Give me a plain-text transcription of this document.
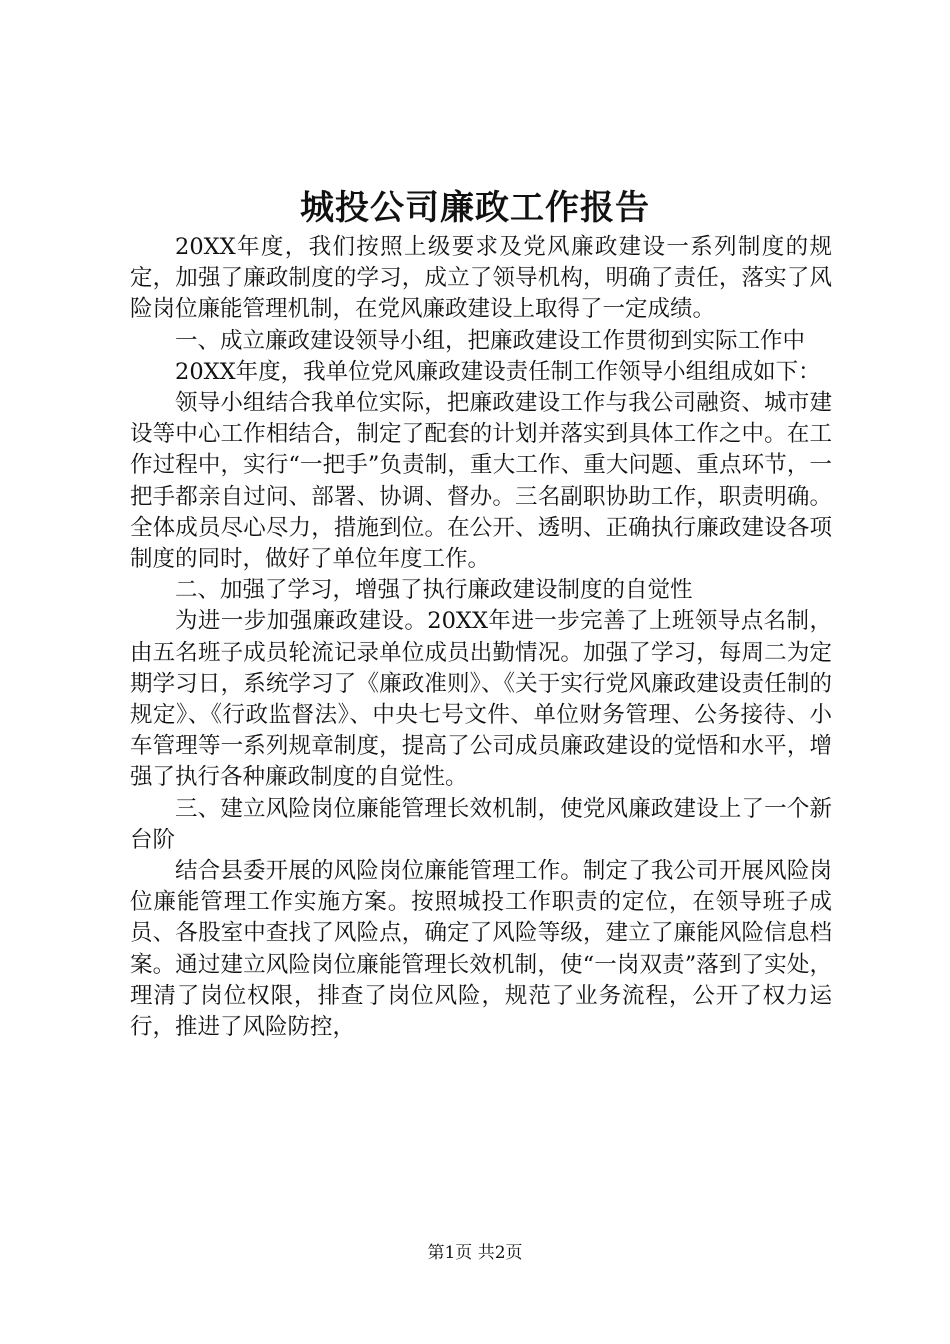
城投公司廉政工作报告

20XX年度，我们按照上级要求及党风廉政建设一系列制度的规定，加强了廉政制度的学习，成立了领导机构，明确了责任，落实了风险岗位廉能管理机制，在党风廉政建设上取得了一定成绩。

一、成立廉政建设领导小组，把廉政建设工作贯彻到实际工作中

20XX年度，我单位党风廉政建设责任制工作领导小组组成如下：

领导小组结合我单位实际，把廉政建设工作与我公司融资、城市建设等中心工作相结合，制定了配套的计划并落实到具体工作之中。在工作过程中，实行“一把手”负责制，重大工作、重大问题、重点环节，一把手都亲自过问、部署、协调、督办。三名副职协助工作，职责明确。全体成员尽心尽力，措施到位。在公开、透明、正确执行廉政建设各项制度的同时，做好了单位年度工作。

二、加强了学习，增强了执行廉政建设制度的自觉性

为进一步加强廉政建设。20XX年进一步完善了上班领导点名制，由五名班子成员轮流记录单位成员出勤情况。加强了学习，每周二为定期学习日，系统学习了《廉政准则》、《关于实行党风廉政建设责任制的规定》、《行政监督法》、中央七号文件、单位财务管理、公务接待、小车管理等一系列规章制度，提高了公司成员廉政建设的觉悟和水平，增强了执行各种廉政制度的自觉性。

三、建立风险岗位廉能管理长效机制，使党风廉政建设上了一个新台阶

结合县委开展的风险岗位廉能管理工作。制定了我公司开展风险岗位廉能管理工作实施方案。按照城投工作职责的定位，在领导班子成员、各股室中查找了风险点，确定了风险等级，建立了廉能风险信息档案。通过建立风险岗位廉能管理长效机制，使“一岗双责”落到了实处，理清了岗位权限，排查了岗位风险，规范了业务流程，公开了权力运行，推进了风险防控，

第1页 共2页
